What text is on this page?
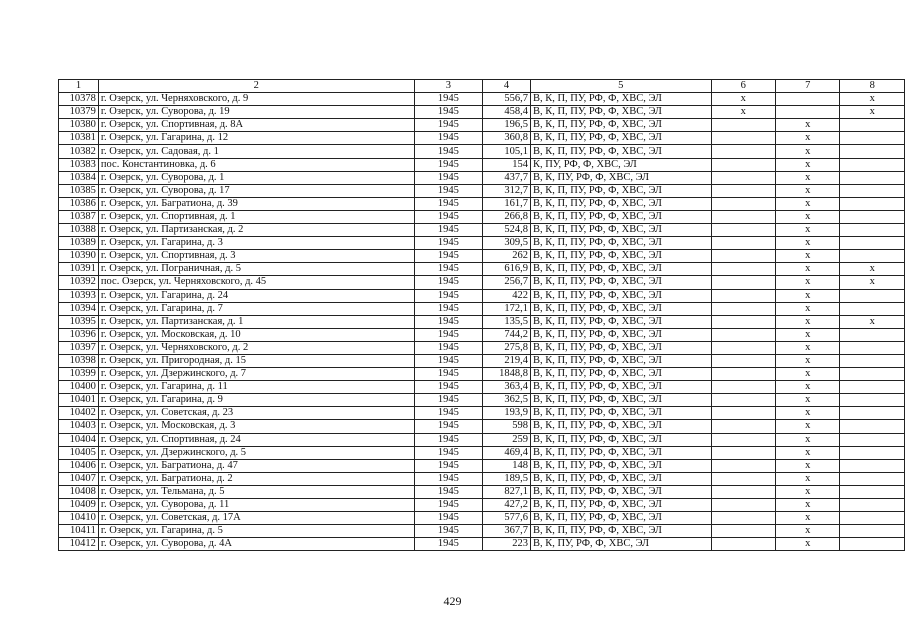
1	2	3	4	5	6	7	8
10378	г. Озерск, ул. Черняховского, д. 9	1945	556,7	В, К, П, ПУ, РФ, Ф, ХВС, ЭЛ	х		х
10379	г. Озерск, ул. Суворова, д. 19	1945	458,4	В, К, П, ПУ, РФ, Ф, ХВС, ЭЛ	х		х
10380	г. Озерск, ул. Спортивная, д. 8А	1945	196,5	В, К, П, ПУ, РФ, Ф, ХВС, ЭЛ		х	
10381	г. Озерск, ул. Гагарина, д. 12	1945	360,8	В, К, П, ПУ, РФ, Ф, ХВС, ЭЛ		х	
10382	г. Озерск, ул. Садовая, д. 1	1945	105,1	В, К, П, ПУ, РФ, Ф, ХВС, ЭЛ		х	
10383	пос. Константиновка, д. 6	1945	154	К, ПУ, РФ, Ф, ХВС, ЭЛ		х	
10384	г. Озерск, ул. Суворова, д. 1	1945	437,7	В, К, ПУ, РФ, Ф, ХВС, ЭЛ		х	
10385	г. Озерск, ул. Суворова, д. 17	1945	312,7	В, К, П, ПУ, РФ, Ф, ХВС, ЭЛ		х	
10386	г. Озерск, ул. Багратиона, д. 39	1945	161,7	В, К, П, ПУ, РФ, Ф, ХВС, ЭЛ		х	
10387	г. Озерск, ул. Спортивная, д. 1	1945	266,8	В, К, П, ПУ, РФ, Ф, ХВС, ЭЛ		х	
10388	г. Озерск, ул. Партизанская, д. 2	1945	524,8	В, К, П, ПУ, РФ, Ф, ХВС, ЭЛ		х	
10389	г. Озерск, ул. Гагарина, д. 3	1945	309,5	В, К, П, ПУ, РФ, Ф, ХВС, ЭЛ		х	
10390	г. Озерск, ул. Спортивная, д. 3	1945	262	В, К, П, ПУ, РФ, Ф, ХВС, ЭЛ		х	
10391	г. Озерск, ул. Пограничная, д. 5	1945	616,9	В, К, П, ПУ, РФ, Ф, ХВС, ЭЛ		х	х
10392	пос. Озерск, ул. Черняховского, д. 45	1945	256,7	В, К, П, ПУ, РФ, Ф, ХВС, ЭЛ		х	х
10393	г. Озерск, ул. Гагарина, д. 24	1945	422	В, К, П, ПУ, РФ, Ф, ХВС, ЭЛ		х	
10394	г. Озерск, ул. Гагарина, д. 7	1945	172,1	В, К, П, ПУ, РФ, Ф, ХВС, ЭЛ		х	
10395	г. Озерск, ул. Партизанская, д. 1	1945	135,5	В, К, П, ПУ, РФ, Ф, ХВС, ЭЛ		х	х
10396	г. Озерск, ул. Московская, д. 10	1945	744,2	В, К, П, ПУ, РФ, Ф, ХВС, ЭЛ		х	
10397	г. Озерск, ул. Черняховского, д. 2	1945	275,8	В, К, П, ПУ, РФ, Ф, ХВС, ЭЛ		х	
10398	г. Озерск, ул. Пригородная, д. 15	1945	219,4	В, К, П, ПУ, РФ, Ф, ХВС, ЭЛ		х	
10399	г. Озерск, ул. Дзержинского, д. 7	1945	1848,8	В, К, П, ПУ, РФ, Ф, ХВС, ЭЛ		х	
10400	г. Озерск, ул. Гагарина, д. 11	1945	363,4	В, К, П, ПУ, РФ, Ф, ХВС, ЭЛ		х	
10401	г. Озерск, ул. Гагарина, д. 9	1945	362,5	В, К, П, ПУ, РФ, Ф, ХВС, ЭЛ		х	
10402	г. Озерск, ул. Советская, д. 23	1945	193,9	В, К, П, ПУ, РФ, Ф, ХВС, ЭЛ		х	
10403	г. Озерск, ул. Московская, д. 3	1945	598	В, К, П, ПУ, РФ, Ф, ХВС, ЭЛ		х	
10404	г. Озерск, ул. Спортивная, д. 24	1945	259	В, К, П, ПУ, РФ, Ф, ХВС, ЭЛ		х	
10405	г. Озерск, ул. Дзержинского, д. 5	1945	469,4	В, К, П, ПУ, РФ, Ф, ХВС, ЭЛ		х	
10406	г. Озерск, ул. Багратиона, д. 47	1945	148	В, К, П, ПУ, РФ, Ф, ХВС, ЭЛ		х	
10407	г. Озерск, ул. Багратиона, д. 2	1945	189,5	В, К, П, ПУ, РФ, Ф, ХВС, ЭЛ		х	
10408	г. Озерск, ул. Тельмана, д. 5	1945	827,1	В, К, П, ПУ, РФ, Ф, ХВС, ЭЛ		х	
10409	г. Озерск, ул. Суворова, д. 11	1945	427,2	В, К, П, ПУ, РФ, Ф, ХВС, ЭЛ		х	
10410	г. Озерск, ул. Советская, д. 17А	1945	577,6	В, К, П, ПУ, РФ, Ф, ХВС, ЭЛ		х	
10411	г. Озерск, ул. Гагарина, д. 5	1945	367,7	В, К, П, ПУ, РФ, Ф, ХВС, ЭЛ		х	
10412	г. Озерск, ул. Суворова, д. 4А	1945	223	В, К, ПУ, РФ, Ф, ХВС, ЭЛ		х	
429
